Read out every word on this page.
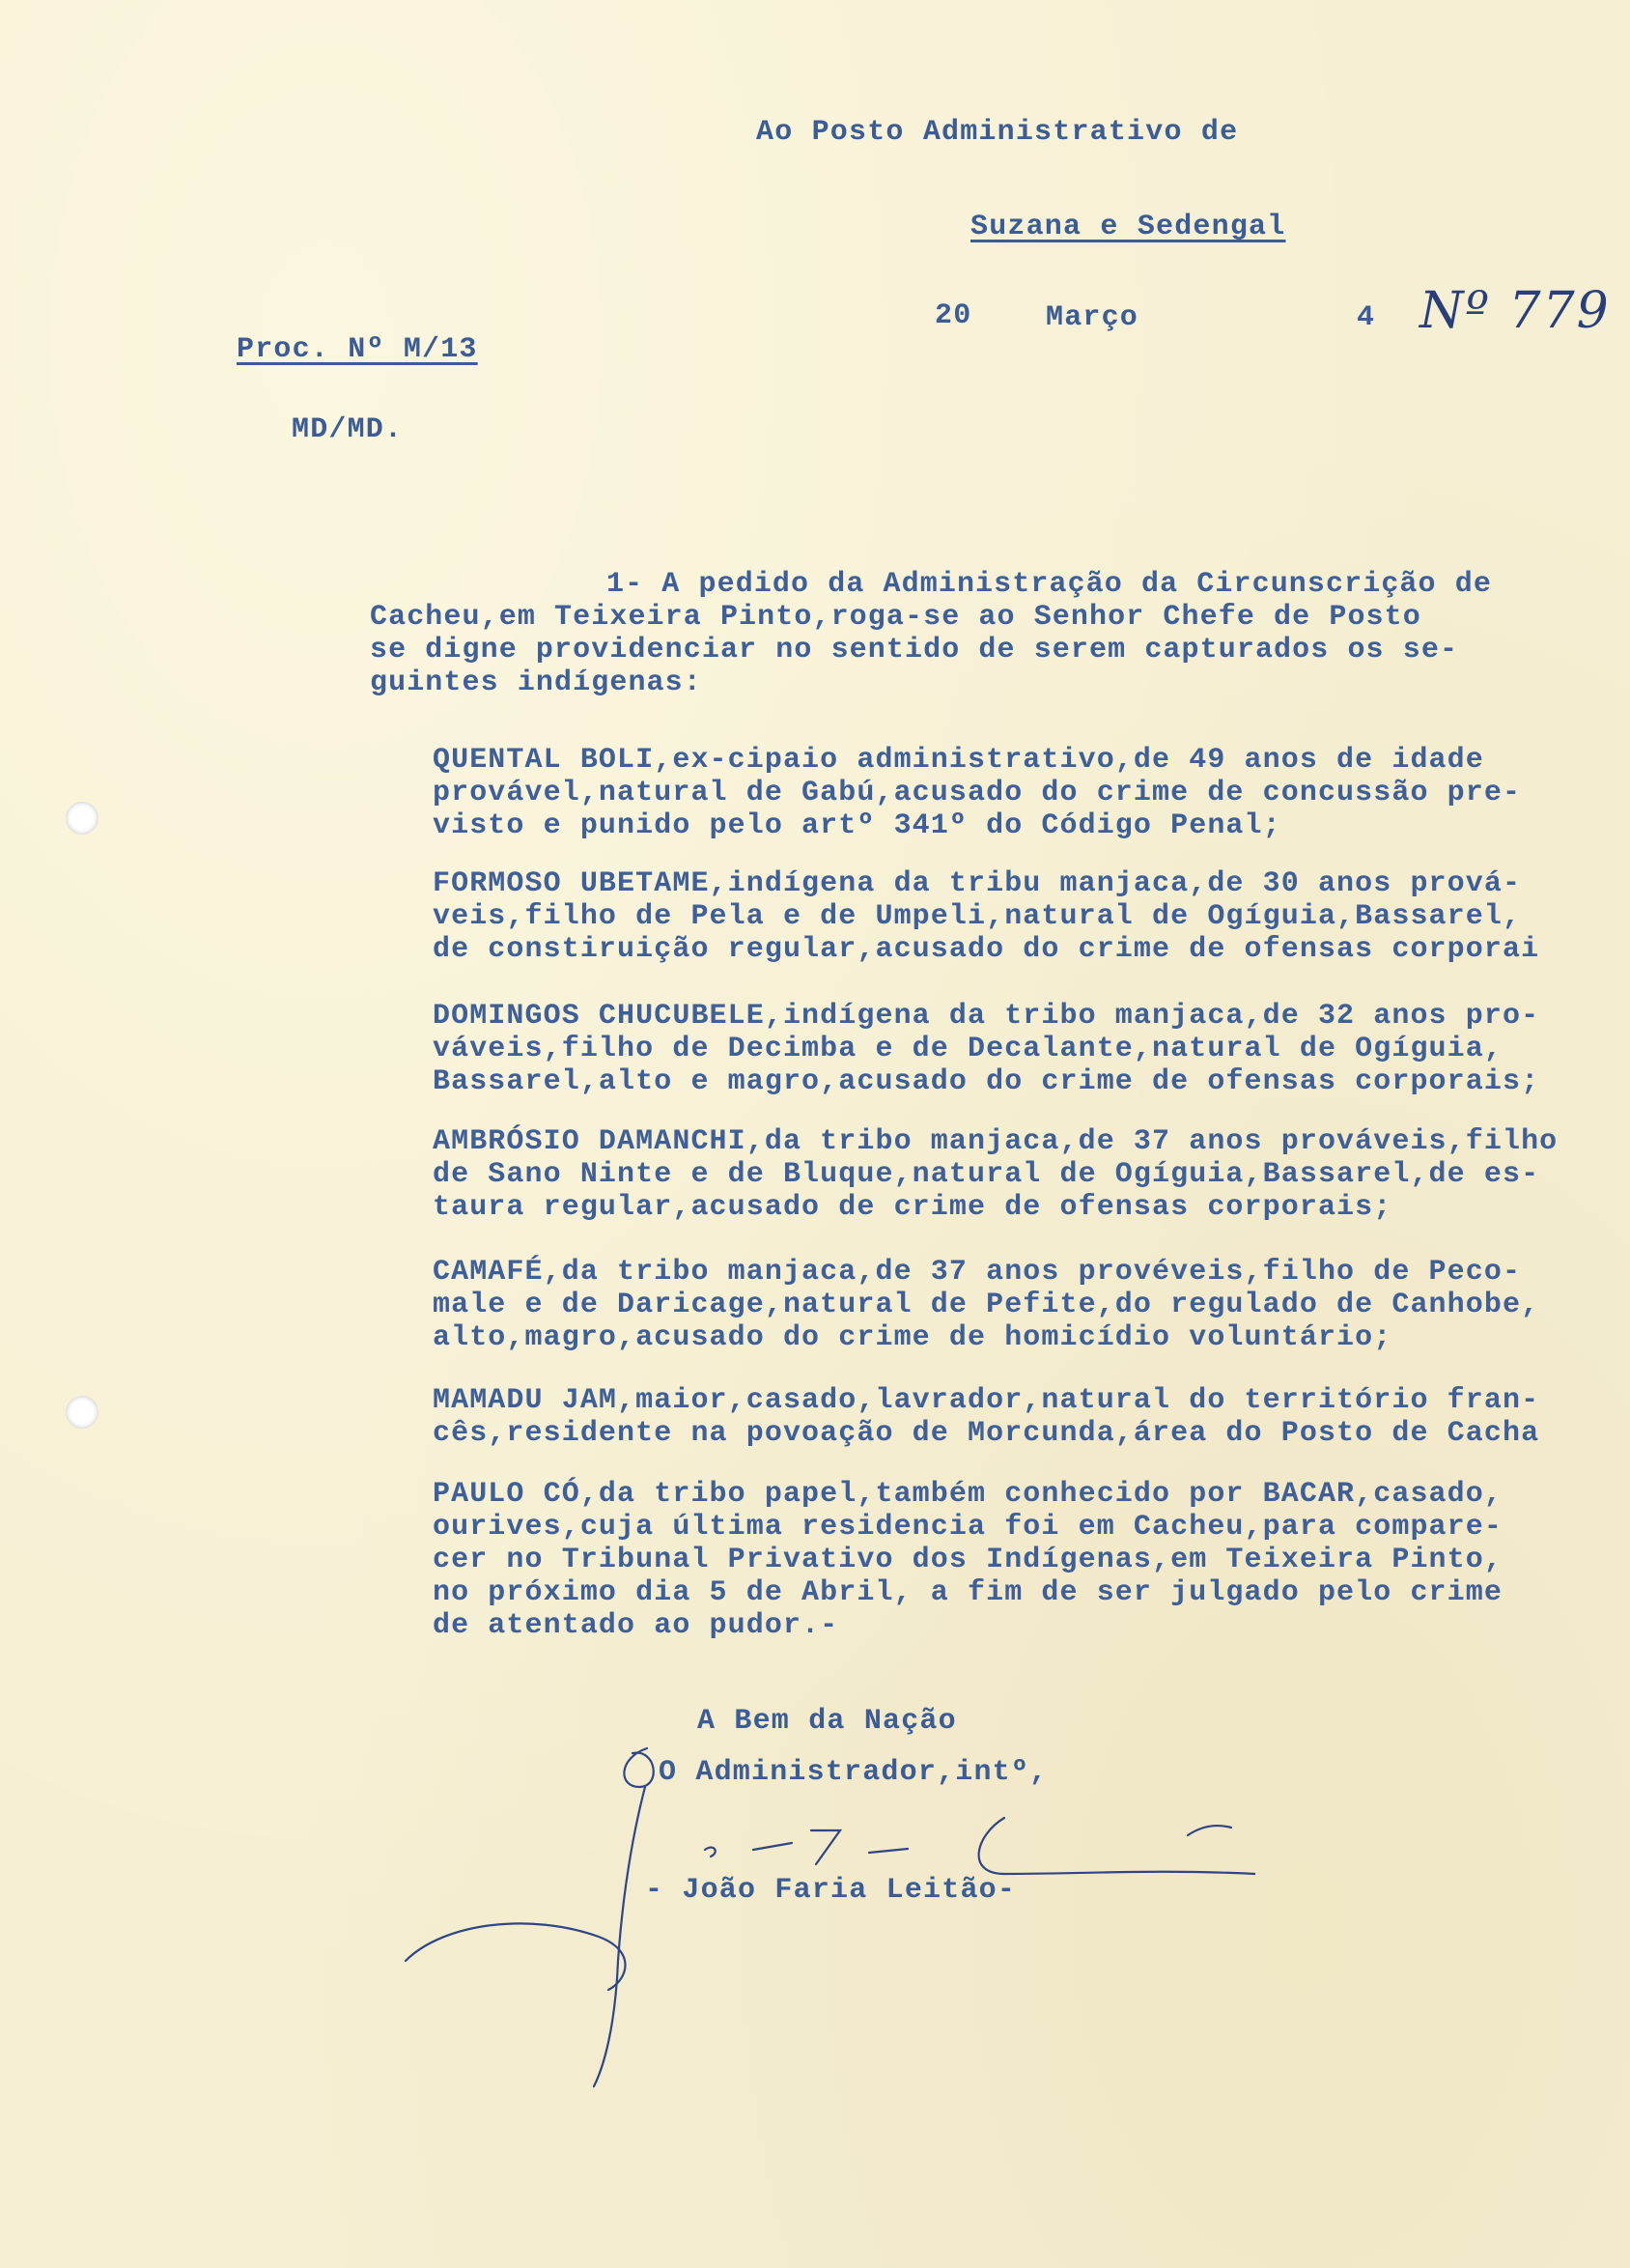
Ao Posto Administrativo de
Suzana e Sedengal
20	Março	4 Nº 779
Proc. Nº M/13
MD/MD.
1- A pedido da Administração da Circunscrição de
Cacheu,em Teixeira Pinto,roga-se ao Senhor Chefe de Posto
se digne providenciar no sentido de serem capturados os se-
guintes indígenas:
QUENTAL BOLI,ex-cipaio administrativo,de 49 anos de idade
provável,natural de Gabú,acusado do crime de concussão pre-
visto e punido pelo artº 341º do Código Penal;
FORMOSO UBETAME,indígena da tribu manjaca,de 30 anos prová-
veis,filho de Pela e de Umpeli,natural de Ogíguia,Bassarel,
de constiruição regular,acusado do crime de ofensas corporai
DOMINGOS CHUCUBELE,indígena da tribo manjaca,de 32 anos pro-
váveis,filho de Decimba e de Decalante,natural de Ogíguia,
Bassarel,alto e magro,acusado do crime de ofensas corporais;
AMBRÓSIO DAMANCHI,da tribo manjaca,de 37 anos prováveis,filho
de Sano Ninte e de Bluque,natural de Ogíguia,Bassarel,de es-
taura regular,acusado de crime de ofensas corporais;
CAMAFÉ,da tribo manjaca,de 37 anos provéveis,filho de Peco-
male e de Daricage,natural de Pefite,do regulado de Canhobe,
alto,magro,acusado do crime de homicídio voluntário;
MAMADU JAM,maior,casado,lavrador,natural do território fran-
cês,residente na povoação de Morcunda,área do Posto de Cacha
PAULO CÓ,da tribo papel,também conhecido por BACAR,casado,
ourives,cuja última residencia foi em Cacheu,para compare-
cer no Tribunal Privativo dos Indígenas,em Teixeira Pinto,
no próximo dia 5 de Abril, a fim de ser julgado pelo crime
de atentado ao pudor.-
A Bem da Nação
O Administrador,intº,
- João Faria Leitão-
